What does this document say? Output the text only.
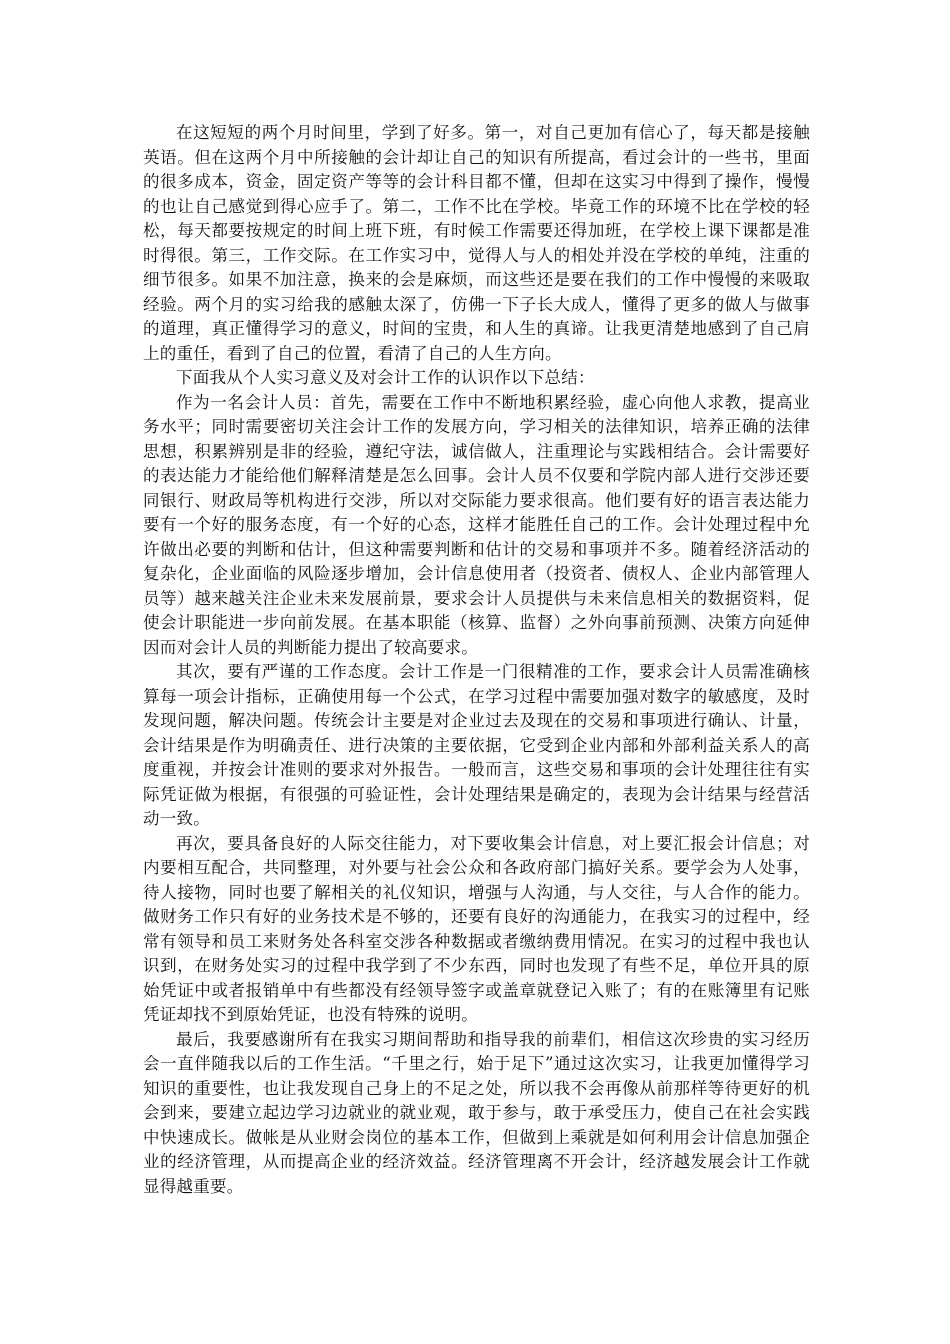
在这短短的两个月时间里，学到了好多。第一，对自己更加有信心了，每天都是接触英语。但在这两个月中所接触的会计却让自己的知识有所提高，看过会计的一些书，里面的很多成本，资金，固定资产等等的会计科目都不懂，但却在这实习中得到了操作，慢慢的也让自己感觉到得心应手了。第二，工作不比在学校。毕竟工作的环境不比在学校的轻松，每天都要按规定的时间上班下班，有时候工作需要还得加班，在学校上课下课都是准时得很。第三，工作交际。在工作实习中，觉得人与人的相处并没在学校的单纯，注重的细节很多。如果不加注意，换来的会是麻烦，而这些还是要在我们的工作中慢慢的来吸取经验。两个月的实习给我的感触太深了，仿佛一下子长大成人，懂得了更多的做人与做事的道理，真正懂得学习的意义，时间的宝贵，和人生的真谛。让我更清楚地感到了自己肩上的重任，看到了自己的位置，看清了自己的人生方向。

下面我从个人实习意义及对会计工作的认识作以下总结：

作为一名会计人员：首先，需要在工作中不断地积累经验，虚心向他人求教，提高业务水平；同时需要密切关注会计工作的发展方向，学习相关的法律知识，培养正确的法律思想，积累辨别是非的经验，遵纪守法，诚信做人，注重理论与实践相结合。会计需要好的表达能力才能给他们解释清楚是怎么回事。会计人员不仅要和学院内部人进行交涉还要同银行、财政局等机构进行交涉，所以对交际能力要求很高。他们要有好的语言表达能力要有一个好的服务态度，有一个好的心态，这样才能胜任自己的工作。会计处理过程中允许做出必要的判断和估计，但这种需要判断和估计的交易和事项并不多。随着经济活动的复杂化，企业面临的风险逐步增加，会计信息使用者（投资者、债权人、企业内部管理人员等）越来越关注企业未来发展前景，要求会计人员提供与未来信息相关的数据资料，促使会计职能进一步向前发展。在基本职能（核算、监督）之外向事前预测、决策方向延伸因而对会计人员的判断能力提出了较高要求。

其次，要有严谨的工作态度。会计工作是一门很精准的工作，要求会计人员需准确核算每一项会计指标，正确使用每一个公式，在学习过程中需要加强对数字的敏感度，及时发现问题，解决问题。传统会计主要是对企业过去及现在的交易和事项进行确认、计量，会计结果是作为明确责任、进行决策的主要依据，它受到企业内部和外部利益关系人的高度重视，并按会计准则的要求对外报告。一般而言，这些交易和事项的会计处理往往有实际凭证做为根据，有很强的可验证性，会计处理结果是确定的，表现为会计结果与经营活动一致。

再次，要具备良好的人际交往能力，对下要收集会计信息，对上要汇报会计信息；对内要相互配合，共同整理，对外要与社会公众和各政府部门搞好关系。要学会为人处事，待人接物，同时也要了解相关的礼仪知识，增强与人沟通，与人交往，与人合作的能力。做财务工作只有好的业务技术是不够的，还要有良好的沟通能力，在我实习的过程中，经常有领导和员工来财务处各科室交涉各种数据或者缴纳费用情况。在实习的过程中我也认识到，在财务处实习的过程中我学到了不少东西，同时也发现了有些不足，单位开具的原始凭证中或者报销单中有些都没有经领导签字或盖章就登记入账了；有的在账簿里有记账凭证却找不到原始凭证，也没有特殊的说明。

最后，我要感谢所有在我实习期间帮助和指导我的前辈们，相信这次珍贵的实习经历会一直伴随我以后的工作生活。“千里之行，始于足下”通过这次实习，让我更加懂得学习知识的重要性，也让我发现自己身上的不足之处，所以我不会再像从前那样等待更好的机会到来，要建立起边学习边就业的就业观，敢于参与，敢于承受压力，使自己在社会实践中快速成长。做帐是从业财会岗位的基本工作，但做到上乘就是如何利用会计信息加强企业的经济管理，从而提高企业的经济效益。经济管理离不开会计，经济越发展会计工作就显得越重要。
